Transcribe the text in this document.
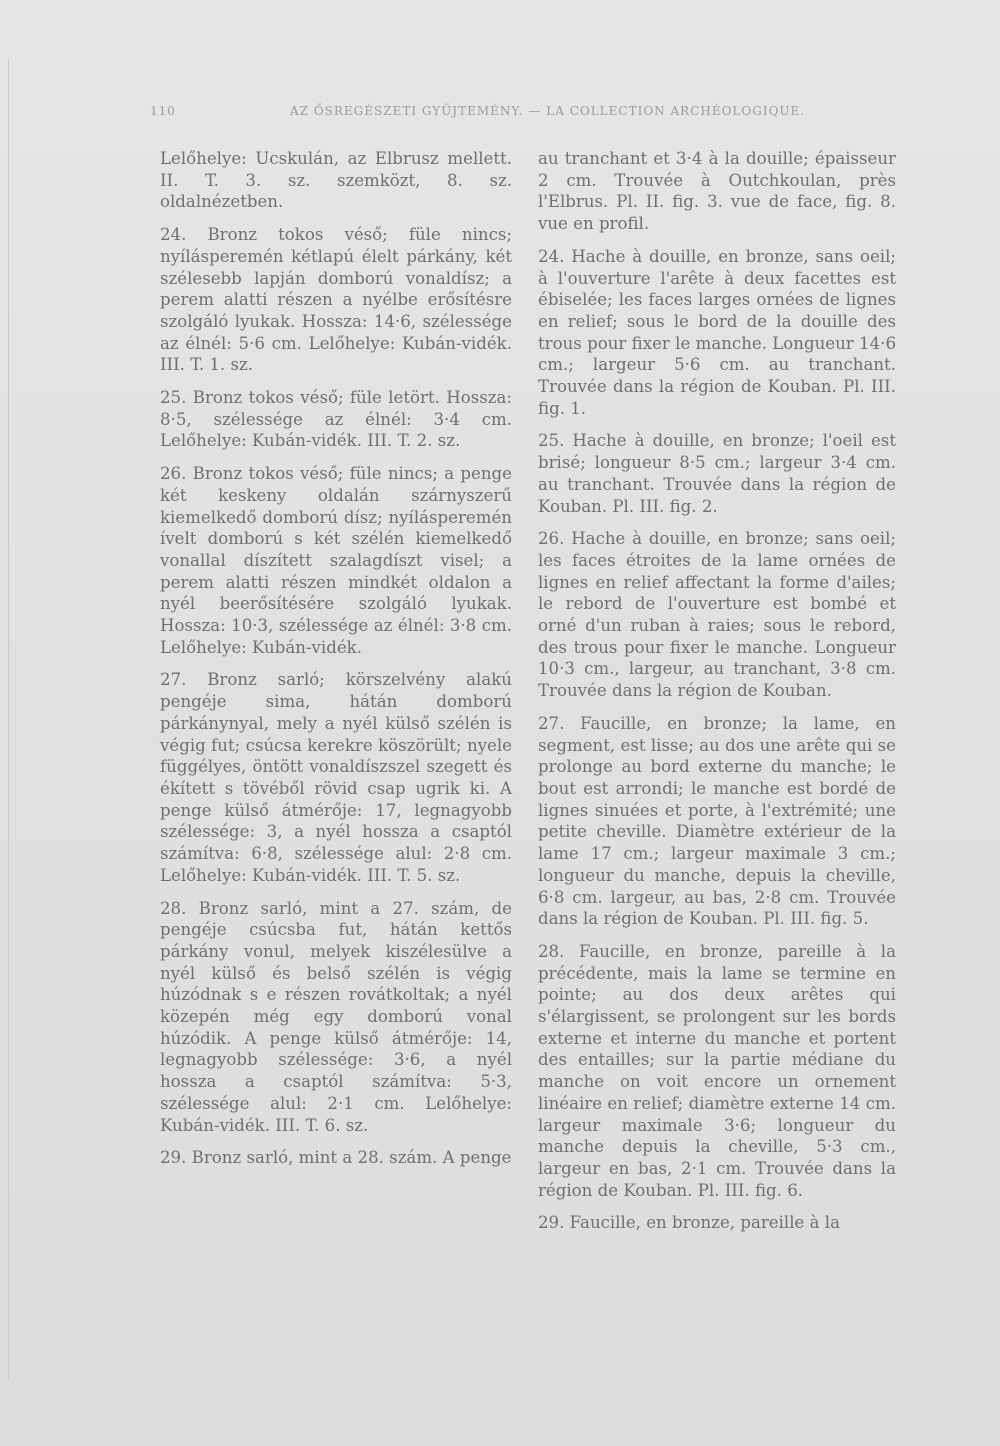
110	AZ ŐSREGÉSZETI GYŰJTEMÉNY. — LA COLLECTION ARCHÉOLOGIQUE.

Lelőhelye: Ucskulán, az Elbrusz mellett. II. T. 3. sz. szemközt, 8. sz. oldalnézetben.

24. Bronz tokos véső; füle nincs; nyílásperemén kétlapú élelt párkány, két szélesebb lapján domború vonaldísz; a perem alatti részen a nyélbe erősítésre szolgáló lyukak. Hossza: 14·6, szélessége az élnél: 5·6 cm. Lelőhelye: Kubán-vidék. III. T. 1. sz.

25. Bronz tokos véső; füle letört. Hossza: 8·5, szélessége az élnél: 3·4 cm. Lelőhelye: Kubán-vidék. III. T. 2. sz.

26. Bronz tokos véső; füle nincs; a penge két keskeny oldalán szárnyszerű kiemelkedő domború dísz; nyílásperemén ívelt domború s két szélén kiemelkedő vonallal díszített szalagdíszt visel; a perem alatti részen mindkét oldalon a nyél beerősítésére szolgáló lyukak. Hossza: 10·3, szélessége az élnél: 3·8 cm. Lelőhelye: Kubán-vidék.

27. Bronz sarló; körszelvény alakú pengéje sima, hátán domború párkánynyal, mely a nyél külső szélén is végig fut; csúcsa kerekre köszörült; nyele függélyes, öntött vonaldíszszel szegett és ékített s tövéből rövid csap ugrik ki. A penge külső átmérője: 17, legnagyobb szélessége: 3, a nyél hossza a csaptól számítva: 6·8, szélessége alul: 2·8 cm. Lelőhelye: Kubán-vidék. III. T. 5. sz.

28. Bronz sarló, mint a 27. szám, de pengéje csúcsba fut, hátán kettős párkány vonul, melyek kiszélesülve a nyél külső és belső szélén is végig húzódnak s e részen rovátkoltak; a nyél közepén még egy domború vonal húzódik. A penge külső átmérője: 14, legnagyobb szélessége: 3·6, a nyél hossza a csaptól számítva: 5·3, szélessége alul: 2·1 cm. Lelőhelye: Kubán-vidék. III. T. 6. sz.

29. Bronz sarló, mint a 28. szám. A penge

au tranchant et 3·4 à la douille; épaisseur 2 cm. Trouvée à Outchkoulan, près l'Elbrus. Pl. II. fig. 3. vue de face, fig. 8. vue en profil.

24. Hache à douille, en bronze, sans oeil; à l'ouverture l'arête à deux facettes est ébiselée; les faces larges ornées de lignes en relief; sous le bord de la douille des trous pour fixer le manche. Longueur 14·6 cm.; largeur 5·6 cm. au tranchant. Trouvée dans la région de Kouban. Pl. III. fig. 1.

25. Hache à douille, en bronze; l'oeil est brisé; longueur 8·5 cm.; largeur 3·4 cm. au tranchant. Trouvée dans la région de Kouban. Pl. III. fig. 2.

26. Hache à douille, en bronze; sans oeil; les faces étroites de la lame ornées de lignes en relief affectant la forme d'ailes; le rebord de l'ouverture est bombé et orné d'un ruban à raies; sous le rebord, des trous pour fixer le manche. Longueur 10·3 cm., largeur, au tranchant, 3·8 cm. Trouvée dans la région de Kouban.

27. Faucille, en bronze; la lame, en segment, est lisse; au dos une arête qui se prolonge au bord externe du manche; le bout est arrondi; le manche est bordé de lignes sinuées et porte, à l'extrémité; une petite cheville. Diamètre extérieur de la lame 17 cm.; largeur maximale 3 cm.; longueur du manche, depuis la cheville, 6·8 cm. largeur, au bas, 2·8 cm. Trouvée dans la région de Kouban. Pl. III. fig. 5.

28. Faucille, en bronze, pareille à la précédente, mais la lame se termine en pointe; au dos deux arêtes qui s'élargissent, se prolongent sur les bords externe et interne du manche et portent des entailles; sur la partie médiane du manche on voit encore un ornement linéaire en relief; diamètre externe 14 cm. largeur maximale 3·6; longueur du manche depuis la cheville, 5·3 cm., largeur en bas, 2·1 cm. Trouvée dans la région de Kouban. Pl. III. fig. 6.

29. Faucille, en bronze, pareille à la
